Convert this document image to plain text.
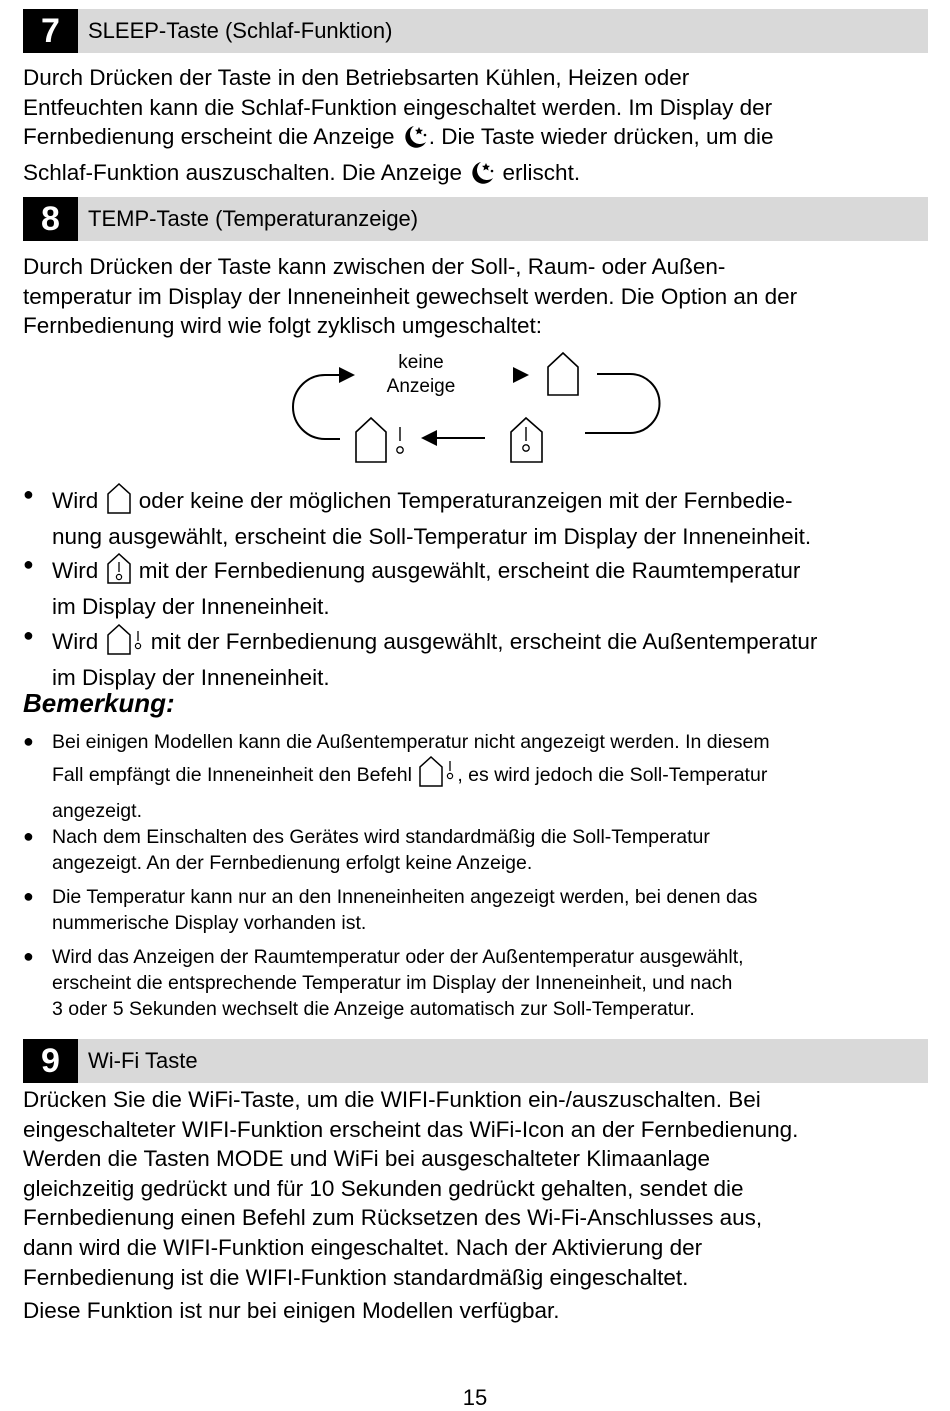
7	SLEEP-Taste (Schlaf-Funktion)
Durch Drücken der Taste in den Betriebsarten Kühlen, Heizen oder
Entfeuchten kann die Schlaf-Funktion eingeschaltet werden. Im Display der
Fernbedienung erscheint die Anzeige . Die Taste wieder drücken, um die
Schlaf-Funktion auszuschalten. Die Anzeige erlischt.
8	TEMP-Taste (Temperaturanzeige)
Durch Drücken der Taste kann zwischen der Soll-, Raum- oder Außen-
temperatur im Display der Inneneinheit gewechselt werden. Die Option an der
Fernbedienung wird wie folgt zyklisch umgeschaltet:
keine
Anzeige
● Wird oder keine der möglichen Temperaturanzeigen mit der Fernbedie-
nung ausgewählt, erscheint die Soll-Temperatur im Display der Inneneinheit.
● Wird mit der Fernbedienung ausgewählt, erscheint die Raumtemperatur
im Display der Inneneinheit.
● Wird mit der Fernbedienung ausgewählt, erscheint die Außentemperatur
im Display der Inneneinheit.
Bemerkung:
● Bei einigen Modellen kann die Außentemperatur nicht angezeigt werden. In diesem
Fall empfängt die Inneneinheit den Befehl , es wird jedoch die Soll-Temperatur
angezeigt.
● Nach dem Einschalten des Gerätes wird standardmäßig die Soll-Temperatur
angezeigt. An der Fernbedienung erfolgt keine Anzeige.
● Die Temperatur kann nur an den Inneneinheiten angezeigt werden, bei denen das
nummerische Display vorhanden ist.
● Wird das Anzeigen der Raumtemperatur oder der Außentemperatur ausgewählt,
erscheint die entsprechende Temperatur im Display der Inneneinheit, und nach
3 oder 5 Sekunden wechselt die Anzeige automatisch zur Soll-Temperatur.
9	Wi-Fi Taste
Drücken Sie die WiFi-Taste, um die WIFI-Funktion ein-/auszuschalten. Bei
eingeschalteter WIFI-Funktion erscheint das WiFi-Icon an der Fernbedienung.
Werden die Tasten MODE und WiFi bei ausgeschalteter Klimaanlage
gleichzeitig gedrückt und für 10 Sekunden gedrückt gehalten, sendet die
Fernbedienung einen Befehl zum Rücksetzen des Wi-Fi-Anschlusses aus,
dann wird die WIFI-Funktion eingeschaltet. Nach der Aktivierung der
Fernbedienung ist die WIFI-Funktion standardmäßig eingeschaltet.
Diese Funktion ist nur bei einigen Modellen verfügbar.
15
